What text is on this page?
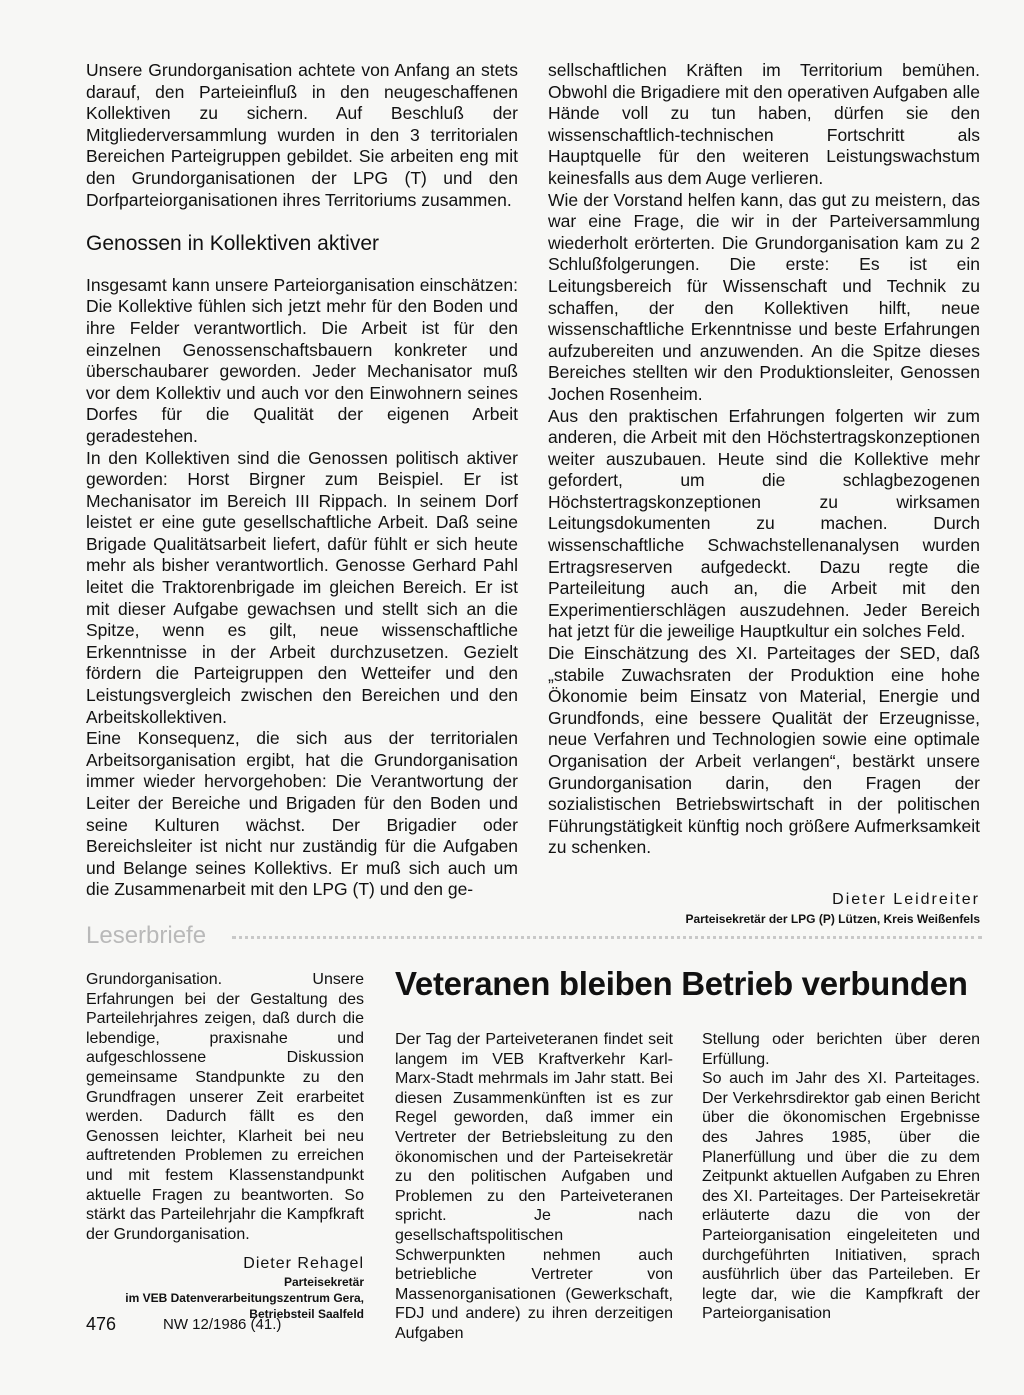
Unsere Grundorganisation achtete von Anfang an stets darauf, den Parteieinfluß in den neugeschaffenen Kollektiven zu sichern. Auf Beschluß der Mitgliederversammlung wurden in den 3 territorialen Bereichen Parteigruppen gebildet. Sie arbeiten eng mit den Grundorganisationen der LPG (T) und den Dorfparteiorganisationen ihres Territoriums zusammen.

Genossen in Kollektiven aktiver

Insgesamt kann unsere Parteiorganisation einschätzen: Die Kollektive fühlen sich jetzt mehr für den Boden und ihre Felder verantwortlich. Die Arbeit ist für den einzelnen Genossenschaftsbauern konkreter und überschaubarer geworden. Jeder Mechanisator muß vor dem Kollektiv und auch vor den Einwohnern seines Dorfes für die Qualität der eigenen Arbeit geradestehen.

In den Kollektiven sind die Genossen politisch aktiver geworden: Horst Birgner zum Beispiel. Er ist Mechanisator im Bereich III Rippach. In seinem Dorf leistet er eine gute gesellschaftliche Arbeit. Daß seine Brigade Qualitätsarbeit liefert, dafür fühlt er sich heute mehr als bisher verantwortlich. Genosse Gerhard Pahl leitet die Traktorenbrigade im gleichen Bereich. Er ist mit dieser Aufgabe gewachsen und stellt sich an die Spitze, wenn es gilt, neue wissenschaftliche Erkenntnisse in der Arbeit durchzusetzen. Gezielt fördern die Parteigruppen den Wetteifer und den Leistungsvergleich zwischen den Bereichen und den Arbeitskollektiven.

Eine Konsequenz, die sich aus der territorialen Arbeitsorganisation ergibt, hat die Grundorganisation immer wieder hervorgehoben: Die Verantwortung der Leiter der Bereiche und Brigaden für den Boden und seine Kulturen wächst. Der Brigadier oder Bereichsleiter ist nicht nur zuständig für die Aufgaben und Belange seines Kollektivs. Er muß sich auch um die Zusammenarbeit mit den LPG (T) und den ge-

sellschaftlichen Kräften im Territorium bemühen. Obwohl die Brigadiere mit den operativen Aufgaben alle Hände voll zu tun haben, dürfen sie den wissenschaftlich-technischen Fortschritt als Hauptquelle für den weiteren Leistungswachstum keinesfalls aus dem Auge verlieren.

Wie der Vorstand helfen kann, das gut zu meistern, das war eine Frage, die wir in der Parteiversammlung wiederholt erörterten. Die Grundorganisation kam zu 2 Schlußfolgerungen. Die erste: Es ist ein Leitungsbereich für Wissenschaft und Technik zu schaffen, der den Kollektiven hilft, neue wissenschaftliche Erkenntnisse und beste Erfahrungen aufzubereiten und anzuwenden. An die Spitze dieses Bereiches stellten wir den Produktionsleiter, Genossen Jochen Rosenheim.

Aus den praktischen Erfahrungen folgerten wir zum anderen, die Arbeit mit den Höchstertragskonzeptionen weiter auszubauen. Heute sind die Kollektive mehr gefordert, um die schlagbezogenen Höchstertragskonzeptionen zu wirksamen Leitungsdokumenten zu machen. Durch wissenschaftliche Schwachstellenanalysen wurden Ertragsreserven aufgedeckt. Dazu regte die Parteileitung auch an, die Arbeit mit den Experimentierschlägen auszudehnen. Jeder Bereich hat jetzt für die jeweilige Hauptkultur ein solches Feld.

Die Einschätzung des XI. Parteitages der SED, daß „stabile Zuwachsraten der Produktion eine hohe Ökonomie beim Einsatz von Material, Energie und Grundfonds, eine bessere Qualität der Erzeugnisse, neue Verfahren und Technologien sowie eine optimale Organisation der Arbeit verlangen“, bestärkt unsere Grundorganisation darin, den Fragen der sozialistischen Betriebswirtschaft in der politischen Führungstätigkeit künftig noch größere Aufmerksamkeit zu schenken.

Dieter Leidreiter
Parteisekretär der LPG (P) Lützen, Kreis Weißenfels
Leserbriefe

Grundorganisation. Unsere Erfahrungen bei der Gestaltung des Parteilehrjahres zeigen, daß durch die lebendige, praxisnahe und aufgeschlossene Diskussion gemeinsame Standpunkte zu den Grundfragen unserer Zeit erarbeitet werden. Dadurch fällt es den Genossen leichter, Klarheit bei neu auftretenden Problemen zu erreichen und mit festem Klassenstandpunkt aktuelle Fragen zu beantworten. So stärkt das Parteilehrjahr die Kampfkraft der Grundorganisation.

Dieter Rehagel
Parteisekretär
im VEB Datenverarbeitungszentrum Gera,
Betriebsteil Saalfeld
Veteranen bleiben Betrieb verbunden

Der Tag der Parteiveteranen findet seit langem im VEB Kraftverkehr Karl-Marx-Stadt mehrmals im Jahr statt. Bei diesen Zusammenkünften ist es zur Regel geworden, daß immer ein Vertreter der Betriebsleitung zu den ökonomischen und der Parteisekretär zu den politischen Aufgaben und Problemen zu den Parteiveteranen spricht. Je nach gesellschaftspolitischen Schwerpunkten nehmen auch betriebliche Vertreter von Massenorganisationen (Gewerkschaft, FDJ und andere) zu ihren derzeitigen Aufgaben

Stellung oder berichten über deren Erfüllung.

So auch im Jahr des XI. Parteitages. Der Verkehrsdirektor gab einen Bericht über die ökonomischen Ergebnisse des Jahres 1985, über die Planerfüllung und über die zu dem Zeitpunkt aktuellen Aufgaben zu Ehren des XI. Parteitages. Der Parteisekretär erläuterte dazu die von der Parteiorganisation eingeleiteten und durchgeführten Initiativen, sprach ausführlich über das Parteileben. Er legte dar, wie die Kampfkraft der Parteiorganisation

476	NW 12/1986 (41.)
